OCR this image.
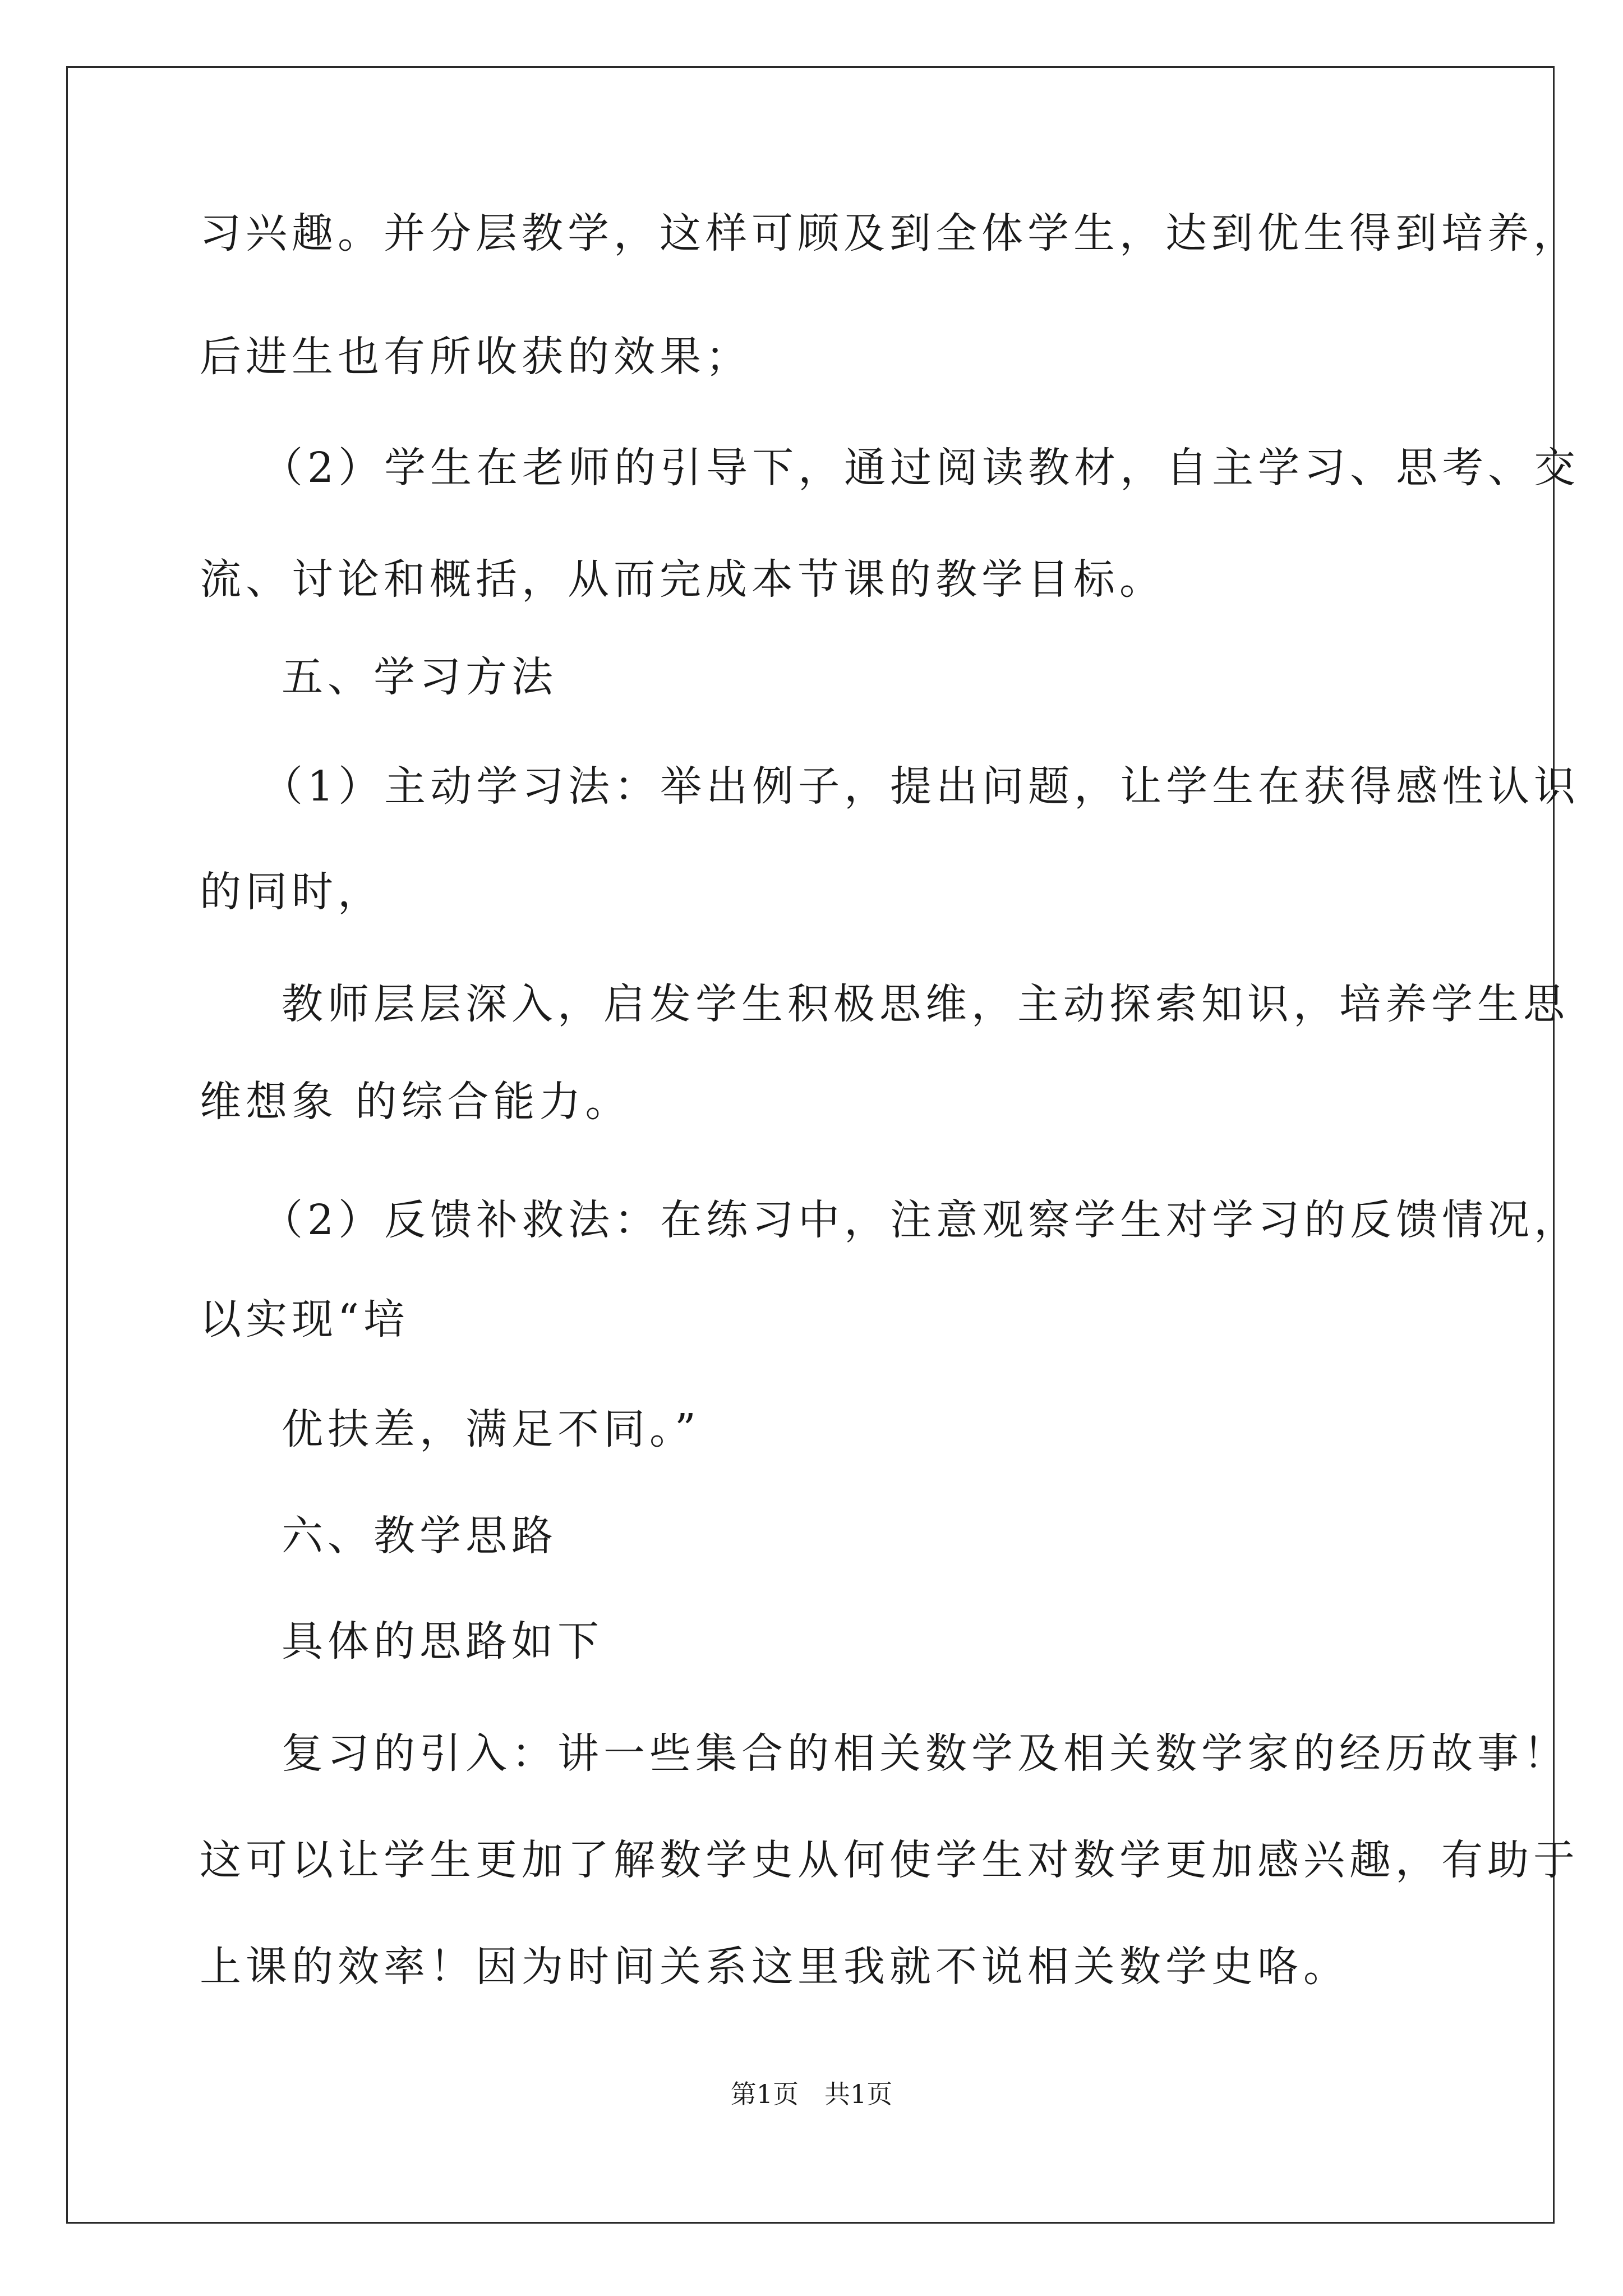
习兴趣。并分层教学，这样可顾及到全体学生，达到优生得到培养，
后进生也有所收获的效果；
（2）学生在老师的引导下，通过阅读教材，自主学习、思考、交
流、讨论和概括，从而完成本节课的教学目标。
五、学习方法
（1）主动学习法：举出例子，提出问题，让学生在获得感性认识
的同时，
教师层层深入，启发学生积极思维，主动探索知识，培养学生思
维想象 的综合能力。
（2）反馈补救法：在练习中，注意观察学生对学习的反馈情况，
以实现“培
优扶差，满足不同。”
六、教学思路
具体的思路如下
复习的引入：讲一些集合的相关数学及相关数学家的经历故事！
这可以让学生更加了解数学史从何使学生对数学更加感兴趣，有助于
上课的效率！因为时间关系这里我就不说相关数学史咯。
第1页 共1页
